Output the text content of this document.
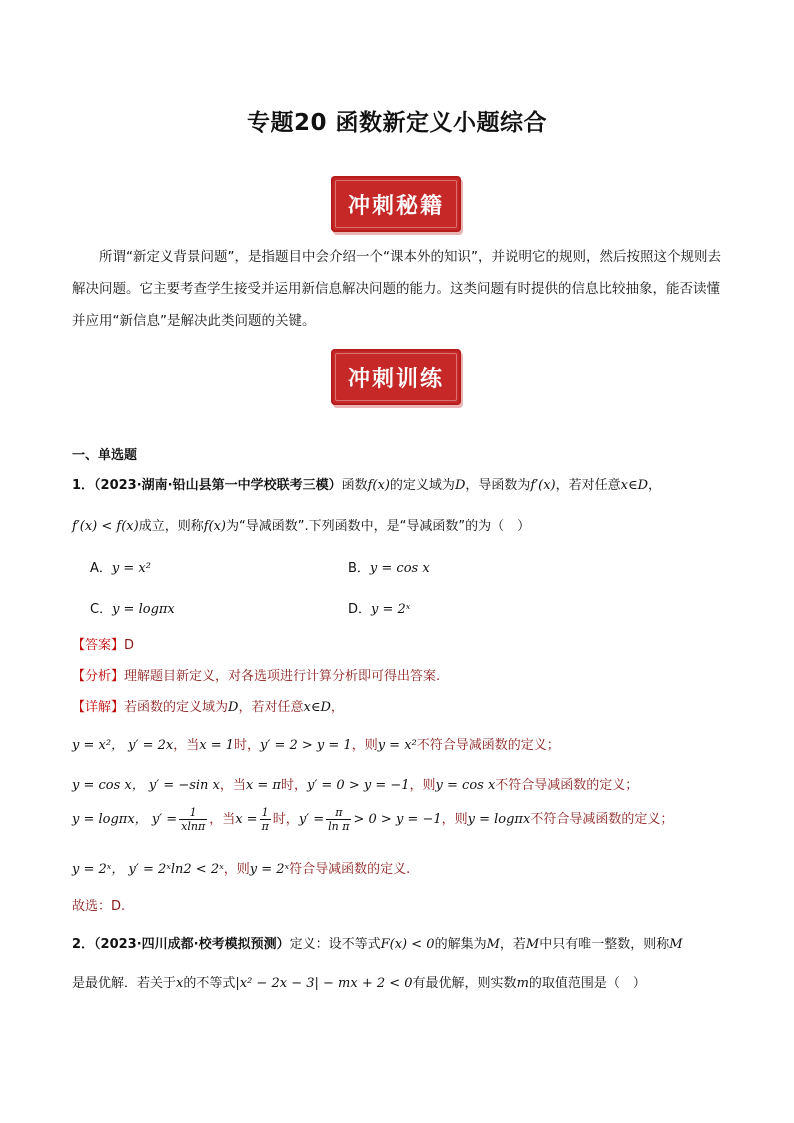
专题20 函数新定义小题综合
冲刺秘籍
所谓“新定义背景问题”，是指题目中会介绍一个“课本外的知识”，并说明它的规则，然后按照这个规则去解决问题。它主要考查学生接受并运用新信息解决问题的能力。这类问题有时提供的信息比较抽象，能否读懂并应用“新信息”是解决此类问题的关键。
冲刺训练
一、单选题
1．（2023·湖南·铅山县第一中学校联考三模）函数f(x)的定义域为D，导函数为f′(x)，若对任意x∈D，
f′(x) < f(x)成立，则称f(x)为“导减函数”.下列函数中，是“导减函数”的为（　）
A．y = x²	B．y = cos x
C．y = logπx	D．y = 2ˣ
【答案】D
【分析】理解题目新定义，对各选项进行计算分析即可得出答案.
【详解】若函数的定义域为D，若对任意x∈D，
y = x²， y′ = 2x，当x = 1时，y′ = 2 > y = 1，则y = x²不符合导减函数的定义；
y = cos x， y′ = −sin x，当x = π时，y′ = 0 > y = −1，则y = cos x不符合导减函数的定义；
y = logπx， $y' = \frac{1}{xln\pi}$ ，当$x = \frac{1}{\pi}$ 时，$y' = \frac{\pi}{\text{ln π}} > 0 > y = -1$，则y = logπx不符合导减函数的定义；
y = 2ˣ， y′ = 2ˣln2 < 2ˣ，则y = 2ˣ符合导减函数的定义.
故选：D.
2．（2023·四川成都·校考模拟预测）定义：设不等式F(x) < 0的解集为M，若M中只有唯一整数，则称M
是最优解．若关于x的不等式|x² − 2x − 3| − mx + 2 < 0有最优解，则实数m的取值范围是（　）
